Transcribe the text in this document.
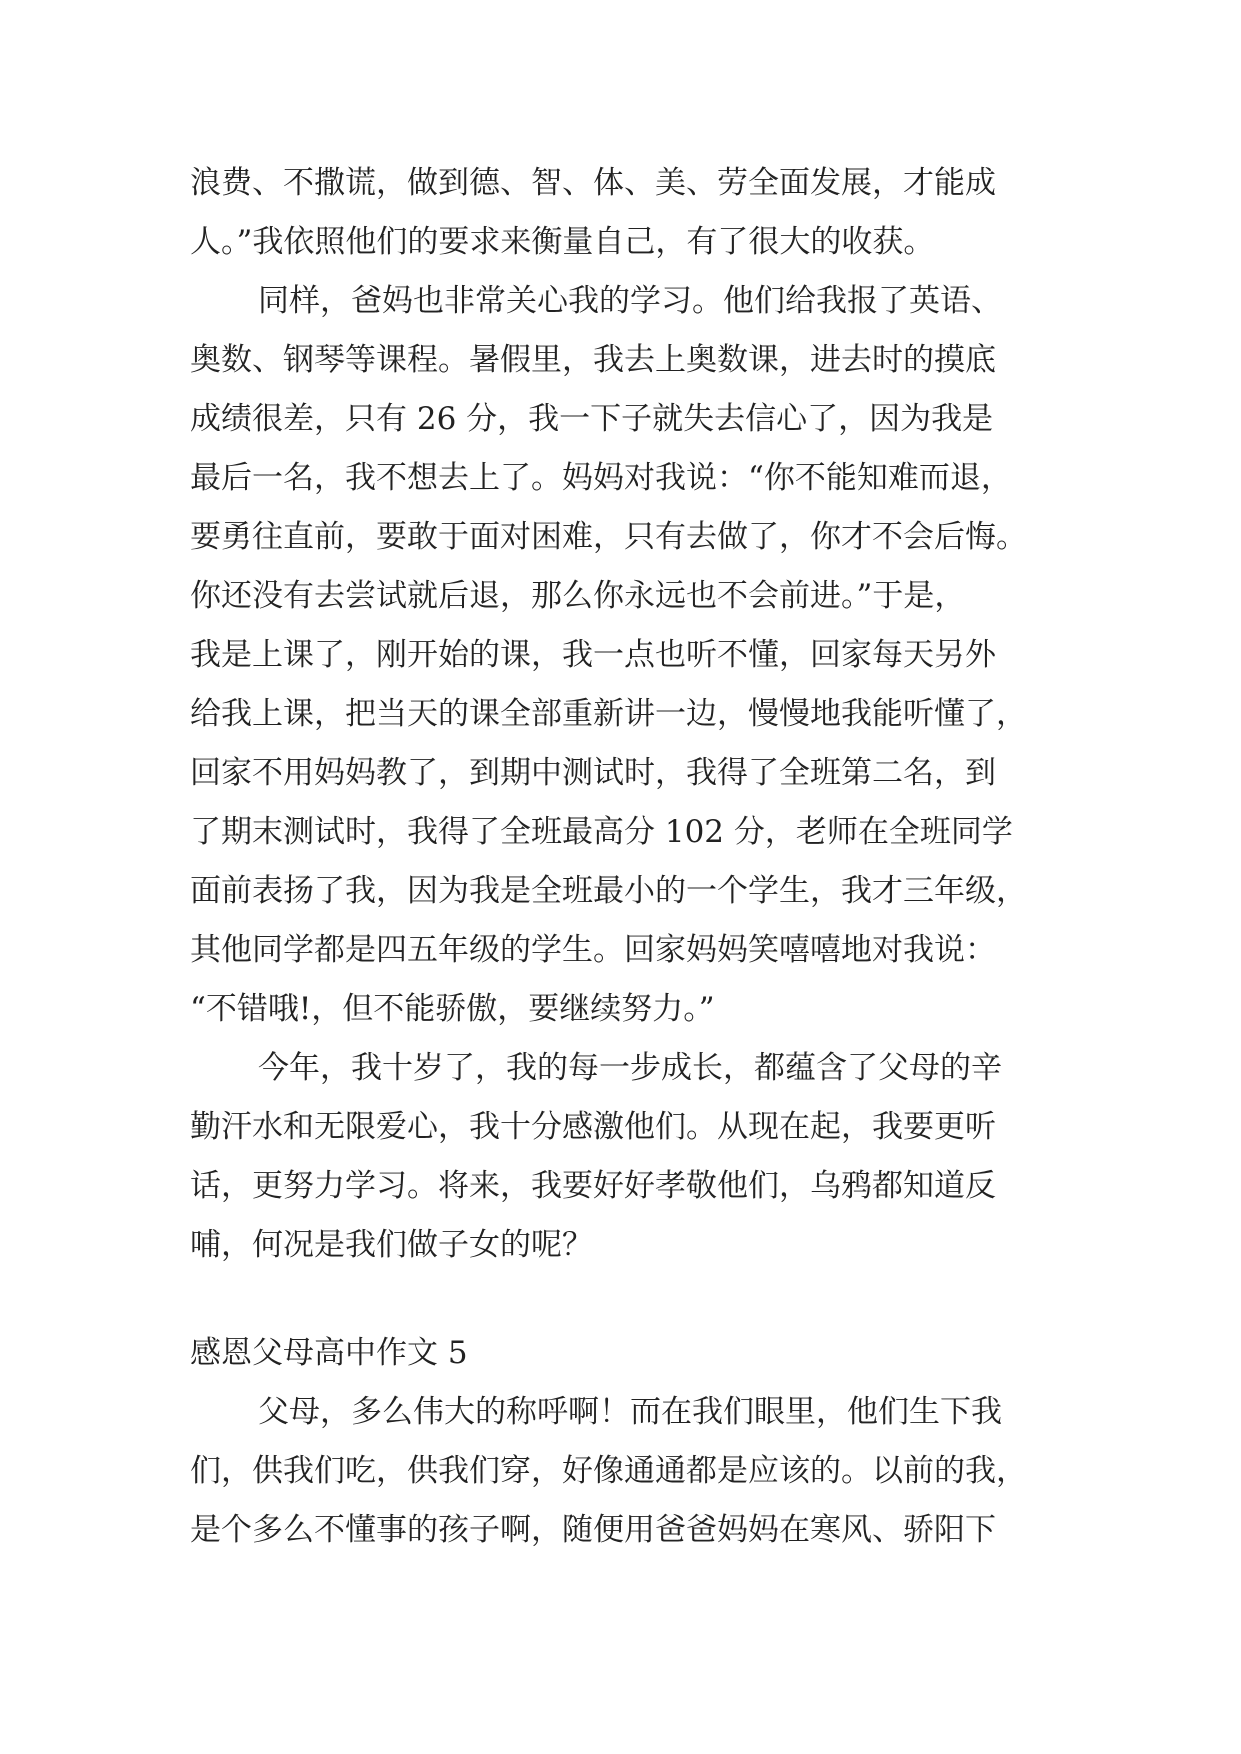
浪费、不撒谎，做到德、智、体、美、劳全面发展，才能成
人。”我依照他们的要求来衡量自己，有了很大的收获。
同样，爸妈也非常关心我的学习。他们给我报了英语、
奥数、钢琴等课程。暑假里，我去上奥数课，进去时的摸底
成绩很差，只有 26 分，我一下子就失去信心了，因为我是
最后一名，我不想去上了。妈妈对我说：“你不能知难而退，
要勇往直前，要敢于面对困难，只有去做了，你才不会后悔。
你还没有去尝试就后退，那么你永远也不会前进。”于是，
我是上课了，刚开始的课，我一点也听不懂，回家每天另外
给我上课，把当天的课全部重新讲一边，慢慢地我能听懂了，
回家不用妈妈教了，到期中测试时，我得了全班第二名，到
了期末测试时，我得了全班最高分 102 分，老师在全班同学
面前表扬了我，因为我是全班最小的一个学生，我才三年级，
其他同学都是四五年级的学生。回家妈妈笑嘻嘻地对我说：
“不错哦!，但不能骄傲，要继续努力。”
今年，我十岁了，我的每一步成长，都蕴含了父母的辛
勤汗水和无限爱心，我十分感激他们。从现在起，我要更听
话，更努力学习。将来，我要好好孝敬他们，乌鸦都知道反
哺，何况是我们做子女的呢？
感恩父母高中作文 5
父母，多么伟大的称呼啊！而在我们眼里，他们生下我
们，供我们吃，供我们穿，好像通通都是应该的。以前的我，
是个多么不懂事的孩子啊，随便用爸爸妈妈在寒风、骄阳下
